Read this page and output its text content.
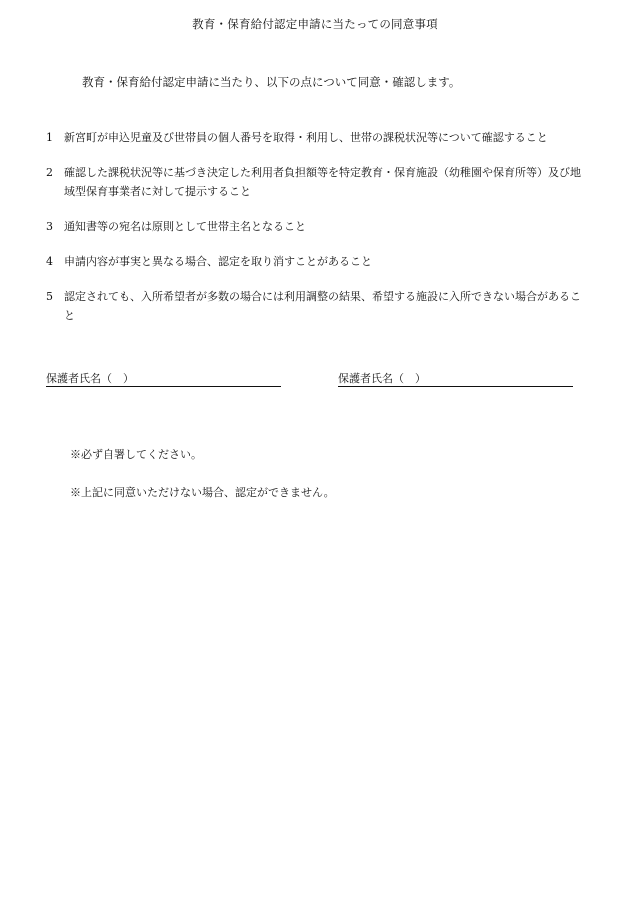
教育・保育給付認定申請に当たっての同意事項
教育・保育給付認定申請に当たり、以下の点について同意・確認します。
1	新宮町が申込児童及び世帯員の個人番号を取得・利用し、世帯の課税状況等について確認すること
2	確認した課税状況等に基づき決定した利用者負担額等を特定教育・保育施設（幼稚園や保育所等）及び地域型保育事業者に対して提示すること
3	通知書等の宛名は原則として世帯主名となること
4	申請内容が事実と異なる場合、認定を取り消すことがあること
5	認定されても、入所希望者が多数の場合には利用調整の結果、希望する施設に入所できない場合があること
保護者氏名（　）	保護者氏名（　）
※必ず自署してください。
※上記に同意いただけない場合、認定ができません。
